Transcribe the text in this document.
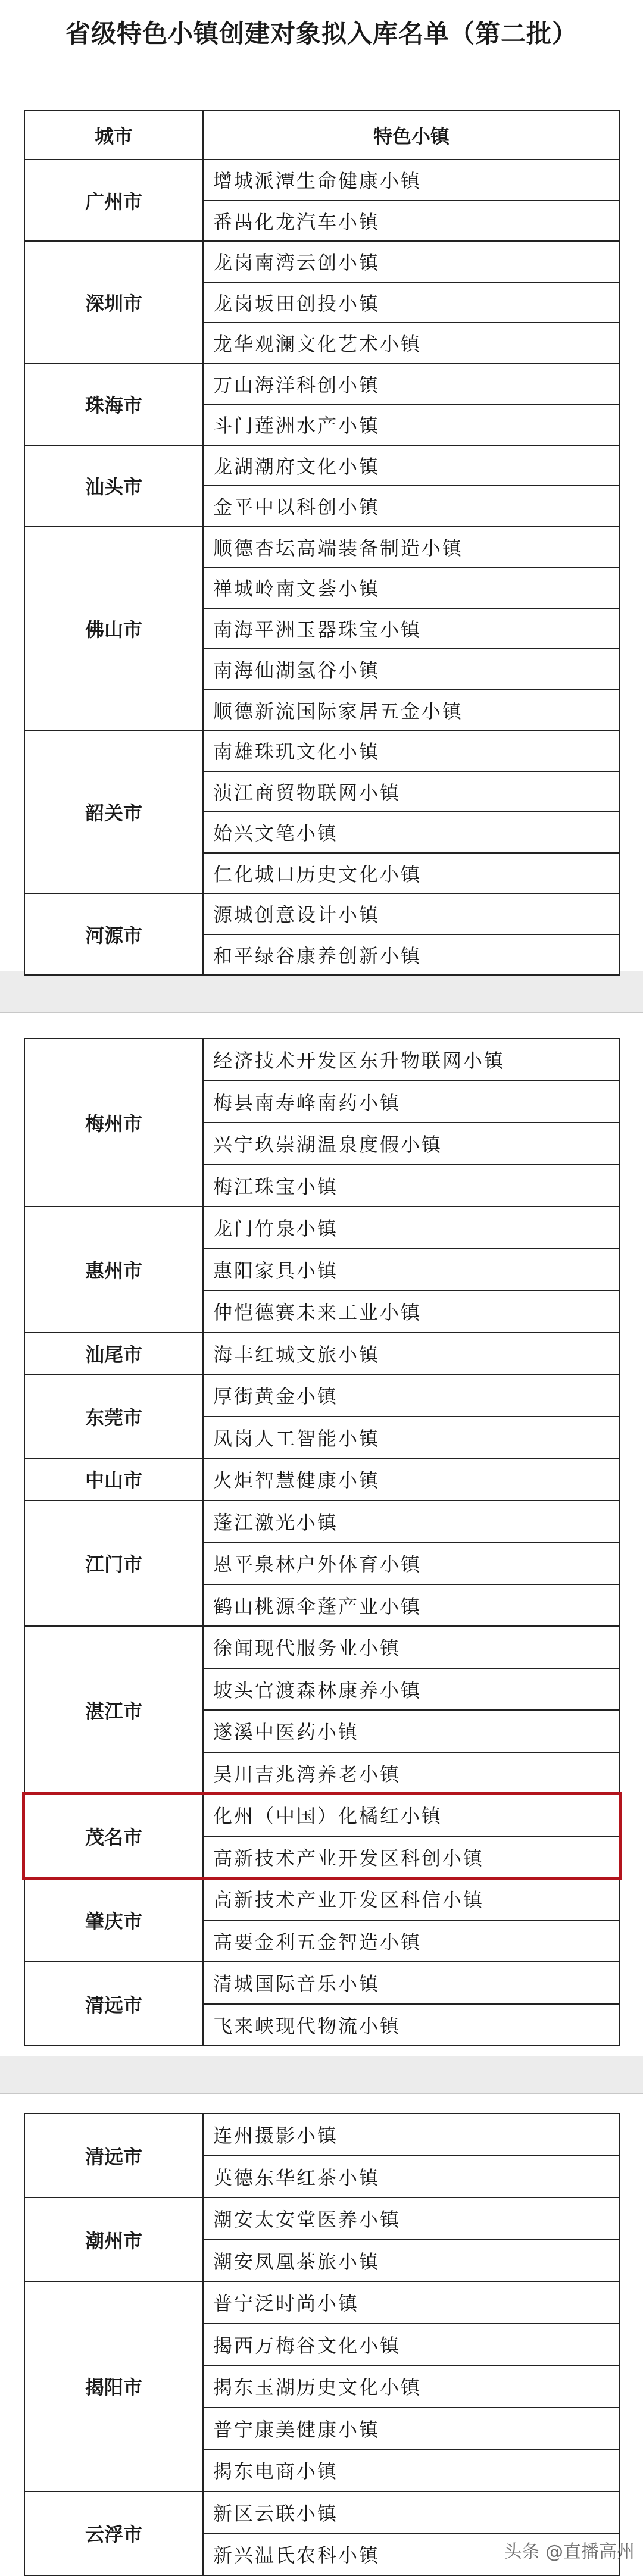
省级特色小镇创建对象拟入库名单（第二批）
城市	特色小镇
广州市	增城派潭生命健康小镇
	番禺化龙汽车小镇
深圳市	龙岗南湾云创小镇
	龙岗坂田创投小镇
	龙华观澜文化艺术小镇
珠海市	万山海洋科创小镇
	斗门莲洲水产小镇
汕头市	龙湖潮府文化小镇
	金平中以科创小镇
佛山市	顺德杏坛高端装备制造小镇
	禅城岭南文荟小镇
	南海平洲玉器珠宝小镇
	南海仙湖氢谷小镇
	顺德新流国际家居五金小镇
韶关市	南雄珠玑文化小镇
	浈江商贸物联网小镇
	始兴文笔小镇
	仁化城口历史文化小镇
河源市	源城创意设计小镇
	和平绿谷康养创新小镇
梅州市	经济技术开发区东升物联网小镇
	梅县南寿峰南药小镇
	兴宁玖崇湖温泉度假小镇
	梅江珠宝小镇
惠州市	龙门竹泉小镇
	惠阳家具小镇
	仲恺德赛未来工业小镇
汕尾市	海丰红城文旅小镇
东莞市	厚街黄金小镇
	凤岗人工智能小镇
中山市	火炬智慧健康小镇
江门市	蓬江激光小镇
	恩平泉林户外体育小镇
	鹤山桃源伞蓬产业小镇
湛江市	徐闻现代服务业小镇
	坡头官渡森林康养小镇
	遂溪中医药小镇
	吴川吉兆湾养老小镇
茂名市	化州（中国）化橘红小镇
	高新技术产业开发区科创小镇
肇庆市	高新技术产业开发区科信小镇
	高要金利五金智造小镇
清远市	清城国际音乐小镇
	飞来峡现代物流小镇
清远市	连州摄影小镇
	英德东华红茶小镇
潮州市	潮安太安堂医养小镇
	潮安凤凰茶旅小镇
揭阳市	普宁泛时尚小镇
	揭西万梅谷文化小镇
	揭东玉湖历史文化小镇
	普宁康美健康小镇
	揭东电商小镇
云浮市	新区云联小镇
	新兴温氏农科小镇	头条 @直播高州
